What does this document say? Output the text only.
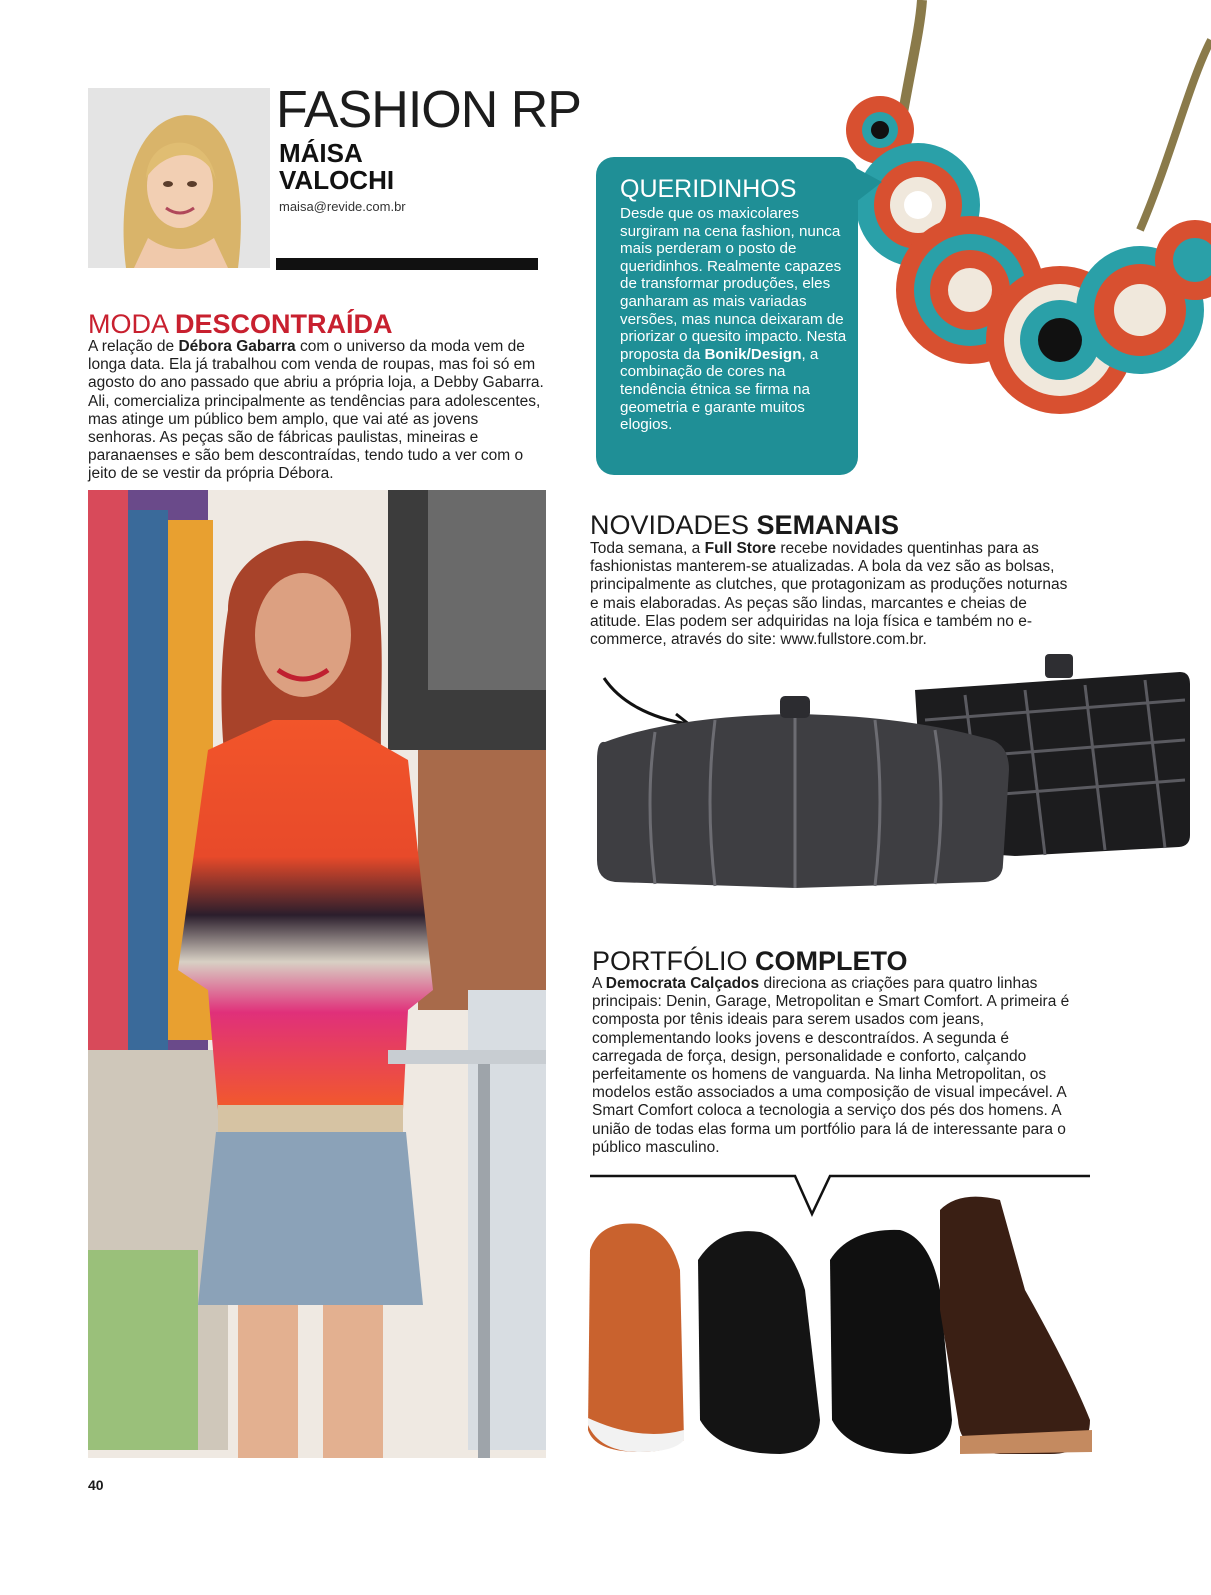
FASHION RP
MÁISA
VALOCHI
maisa@revide.com.br
MODA DESCONTRAÍDA
A relação de Débora Gabarra com o universo da moda vem de longa data. Ela já trabalhou com venda de roupas, mas foi só em agosto do ano passado que abriu a própria loja, a Debby Gabarra. Ali, comercializa principalmente as tendências para adolescentes, mas atinge um público bem amplo, que vai até as jovens senhoras. As peças são de fábricas paulistas, mineiras e paranaenses e são bem descontraídas, tendo tudo a ver com o jeito de se vestir da própria Débora.
QUERIDINHOS
Desde que os maxicolares surgiram na cena fashion, nunca mais perderam o posto de queridinhos. Realmente capazes de transformar produções, eles ganharam as mais variadas versões, mas nunca deixaram de priorizar o quesito impacto. Nesta proposta da Bonik/Design, a combinação de cores na tendência étnica se firma na geometria e garante muitos elogios.
NOVIDADES SEMANAIS
Toda semana, a Full Store recebe novidades quentinhas para as fashionistas manterem-se atualizadas. A bola da vez são as bolsas, principalmente as clutches, que protagonizam as produções noturnas e mais elaboradas. As peças são lindas, marcantes e cheias de atitude. Elas podem ser adquiridas na loja física e também no e-commerce, através do site: www.fullstore.com.br.
PORTFÓLIO COMPLETO
A Democrata Calçados direciona as criações para quatro linhas principais: Denin, Garage, Metropolitan e Smart Comfort. A primeira é composta por tênis ideais para serem usados com jeans, complementando looks jovens e descontraídos. A segunda é carregada de força, design, personalidade e conforto, calçando perfeitamente os homens de vanguarda. Na linha Metropolitan, os modelos estão associados a uma composição de visual impecável. A Smart Comfort coloca a tecnologia a serviço dos pés dos homens. A união de todas elas forma um portfólio para lá de interessante para o público masculino.
40
